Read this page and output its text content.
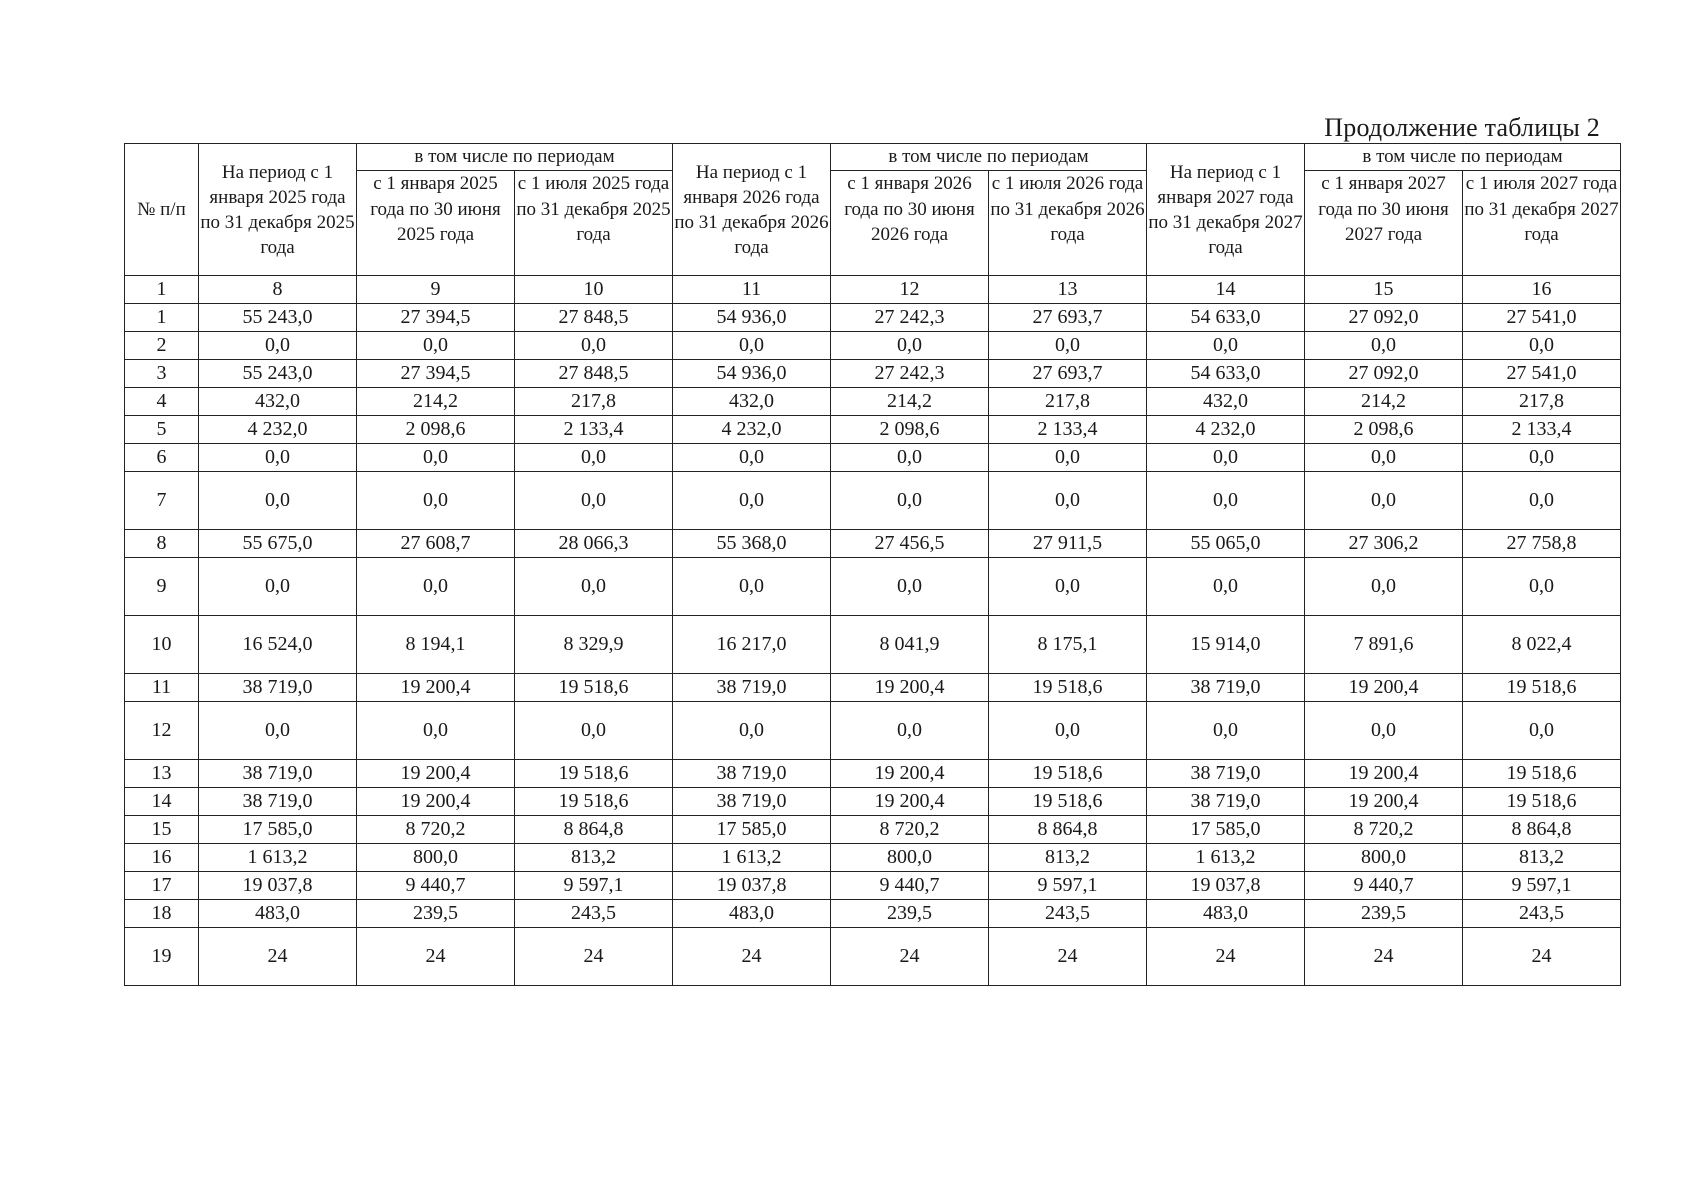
Продолжение таблицы 2
№ п/п	На период с 1 января 2025 года по 31 декабря 2025 года	в том числе по периодам		На период с 1 января 2026 года по 31 декабря 2026 года	в том числе по периодам		На период с 1 января 2027 года по 31 декабря 2027 года	в том числе по периодам	
		с 1 января 2025 года по 30 июня 2025 года	с 1 июля 2025 года по 31 декабря 2025 года		с 1 января 2026 года по 30 июня 2026 года	с 1 июля 2026 года по 31 декабря 2026 года		с 1 января 2027 года по 30 июня 2027 года	с 1 июля 2027 года по 31 декабря 2027 года
1	8	9	10	11	12	13	14	15	16
1	55 243,0	27 394,5	27 848,5	54 936,0	27 242,3	27 693,7	54 633,0	27 092,0	27 541,0
2	0,0	0,0	0,0	0,0	0,0	0,0	0,0	0,0	0,0
3	55 243,0	27 394,5	27 848,5	54 936,0	27 242,3	27 693,7	54 633,0	27 092,0	27 541,0
4	432,0	214,2	217,8	432,0	214,2	217,8	432,0	214,2	217,8
5	4 232,0	2 098,6	2 133,4	4 232,0	2 098,6	2 133,4	4 232,0	2 098,6	2 133,4
6	0,0	0,0	0,0	0,0	0,0	0,0	0,0	0,0	0,0
7	0,0	0,0	0,0	0,0	0,0	0,0	0,0	0,0	0,0
8	55 675,0	27 608,7	28 066,3	55 368,0	27 456,5	27 911,5	55 065,0	27 306,2	27 758,8
9	0,0	0,0	0,0	0,0	0,0	0,0	0,0	0,0	0,0
10	16 524,0	8 194,1	8 329,9	16 217,0	8 041,9	8 175,1	15 914,0	7 891,6	8 022,4
11	38 719,0	19 200,4	19 518,6	38 719,0	19 200,4	19 518,6	38 719,0	19 200,4	19 518,6
12	0,0	0,0	0,0	0,0	0,0	0,0	0,0	0,0	0,0
13	38 719,0	19 200,4	19 518,6	38 719,0	19 200,4	19 518,6	38 719,0	19 200,4	19 518,6
14	38 719,0	19 200,4	19 518,6	38 719,0	19 200,4	19 518,6	38 719,0	19 200,4	19 518,6
15	17 585,0	8 720,2	8 864,8	17 585,0	8 720,2	8 864,8	17 585,0	8 720,2	8 864,8
16	1 613,2	800,0	813,2	1 613,2	800,0	813,2	1 613,2	800,0	813,2
17	19 037,8	9 440,7	9 597,1	19 037,8	9 440,7	9 597,1	19 037,8	9 440,7	9 597,1
18	483,0	239,5	243,5	483,0	239,5	243,5	483,0	239,5	243,5
19	24	24	24	24	24	24	24	24	24
